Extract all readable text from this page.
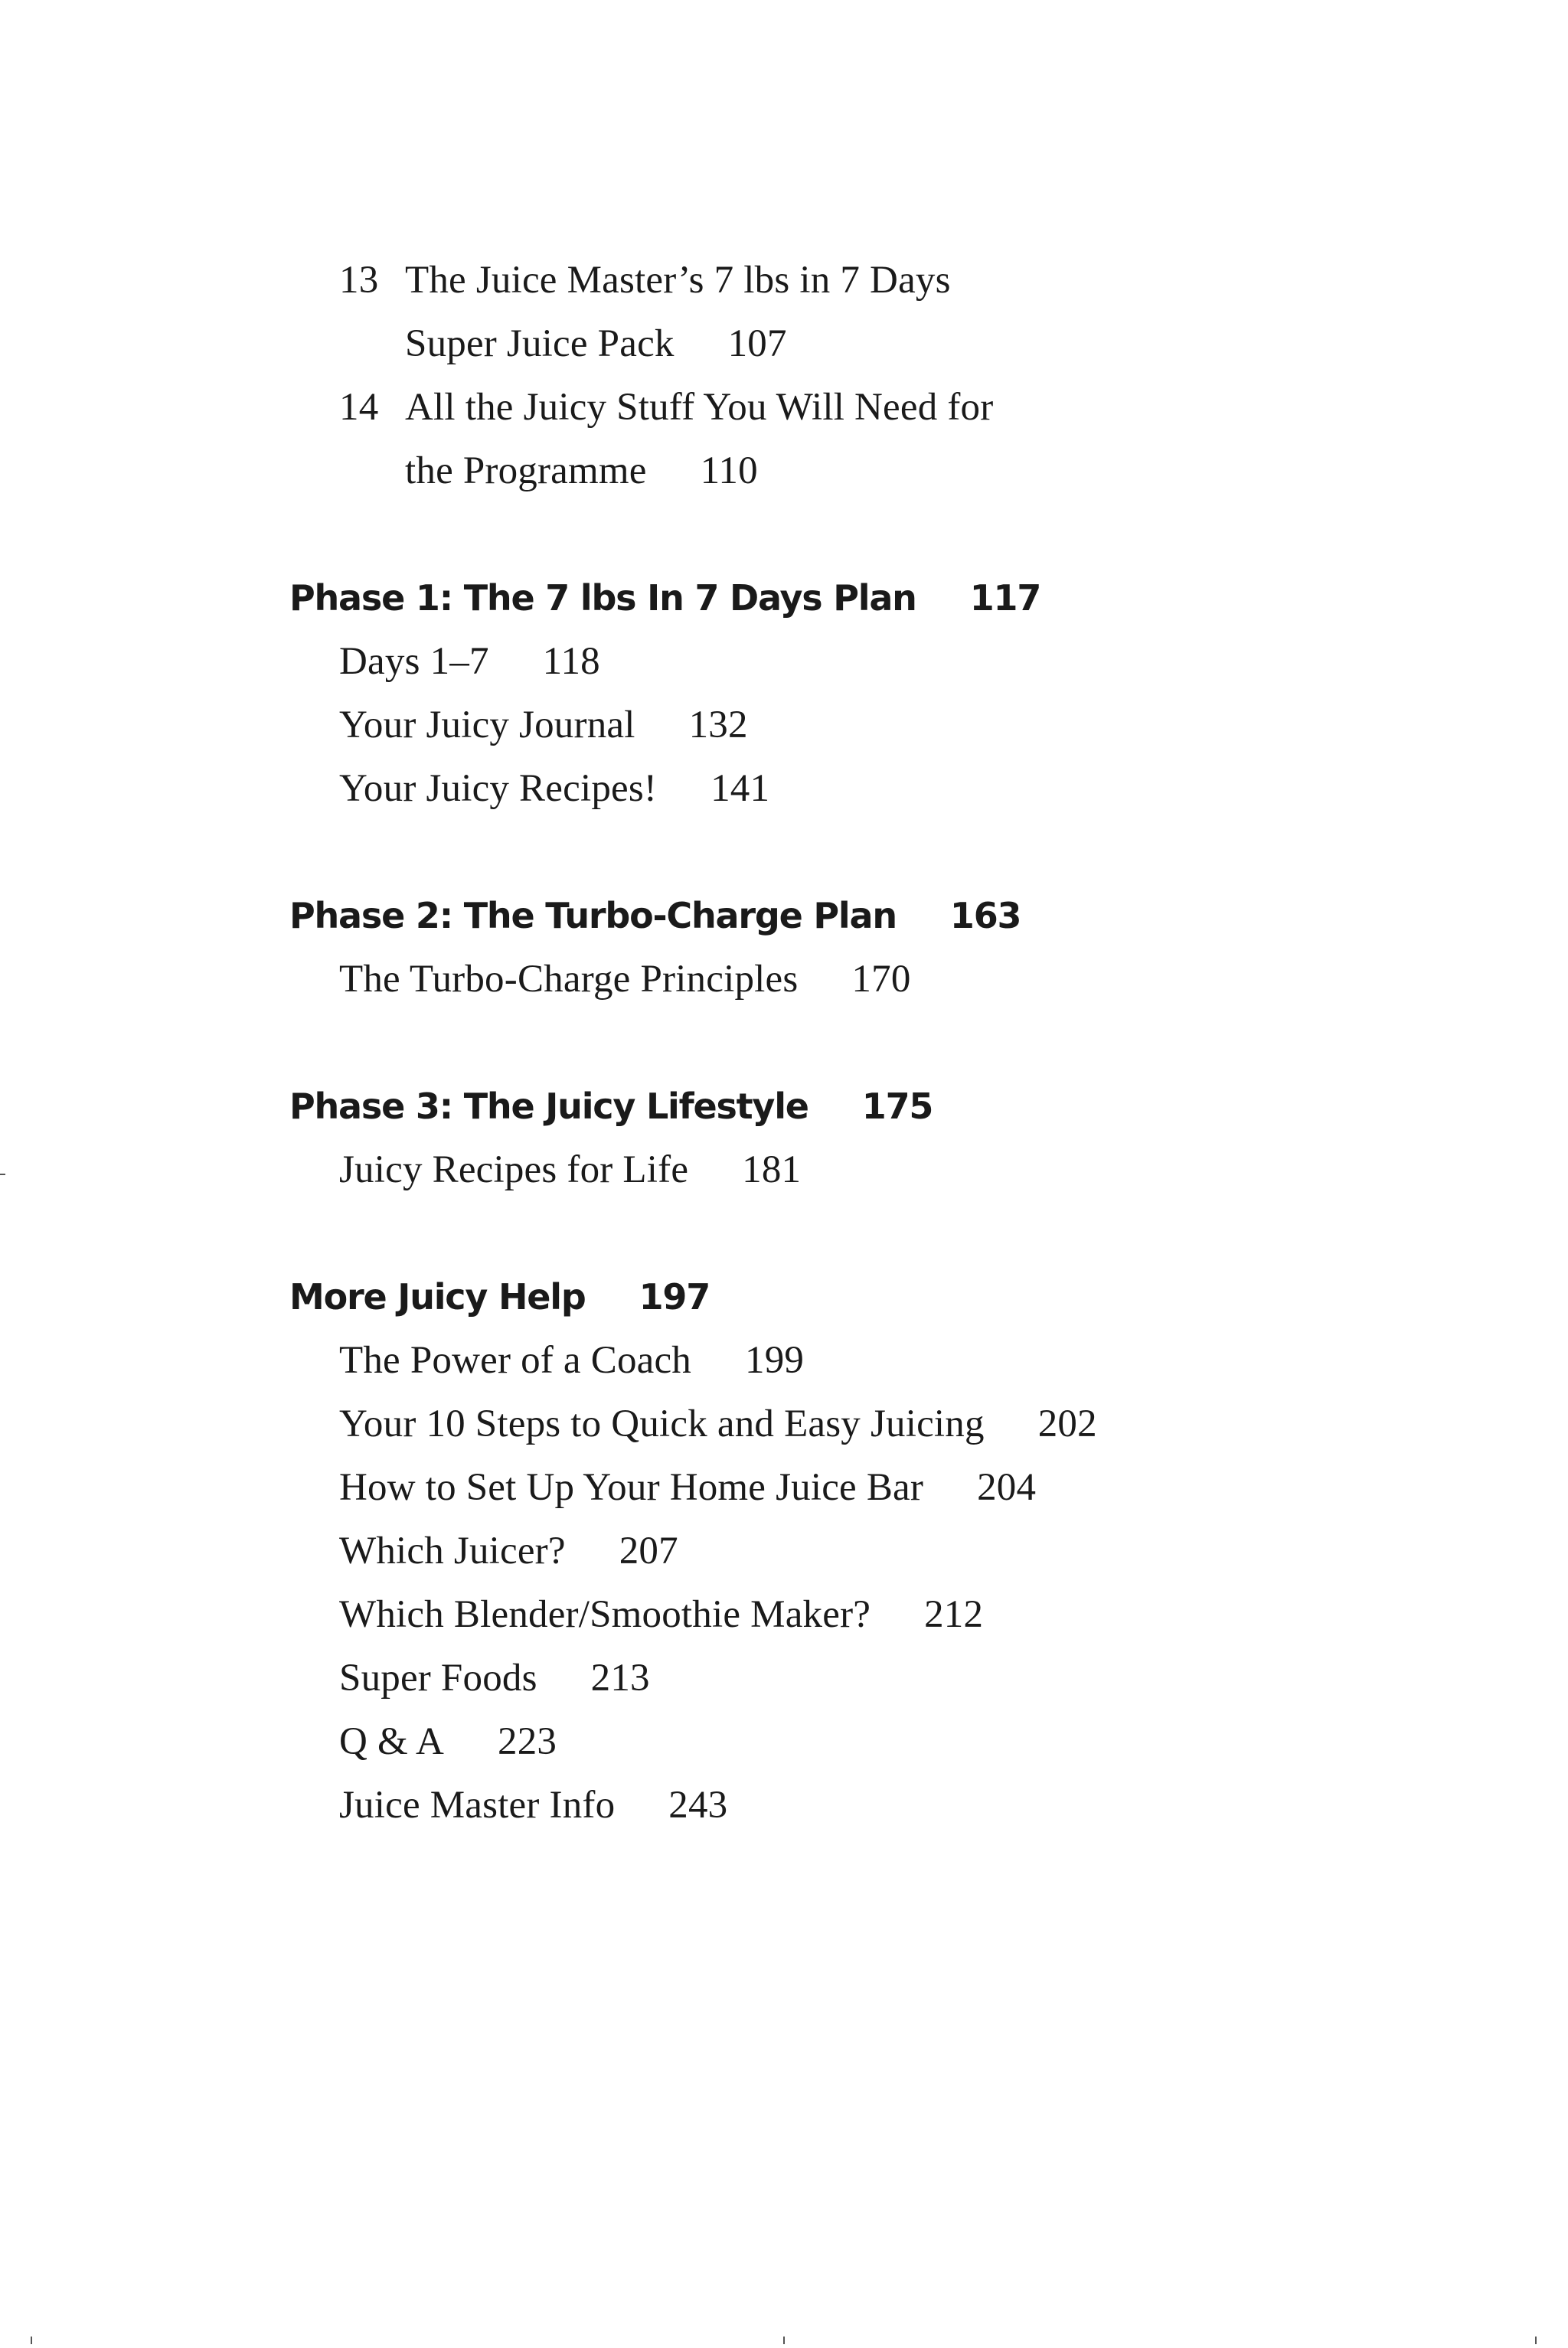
13 The Juice Master’s 7 lbs in 7 Days
Super Juice Pack 107
14 All the Juicy Stuff You Will Need for
the Programme 110
Phase 1: The 7 lbs In 7 Days Plan 117
Days 1–7 118
Your Juicy Journal 132
Your Juicy Recipes! 141
Phase 2: The Turbo-Charge Plan 163
The Turbo-Charge Principles 170
Phase 3: The Juicy Lifestyle 175
Juicy Recipes for Life 181
More Juicy Help 197
The Power of a Coach 199
Your 10 Steps to Quick and Easy Juicing 202
How to Set Up Your Home Juice Bar 204
Which Juicer? 207
Which Blender/Smoothie Maker? 212
Super Foods 213
Q & A 223
Juice Master Info 243
